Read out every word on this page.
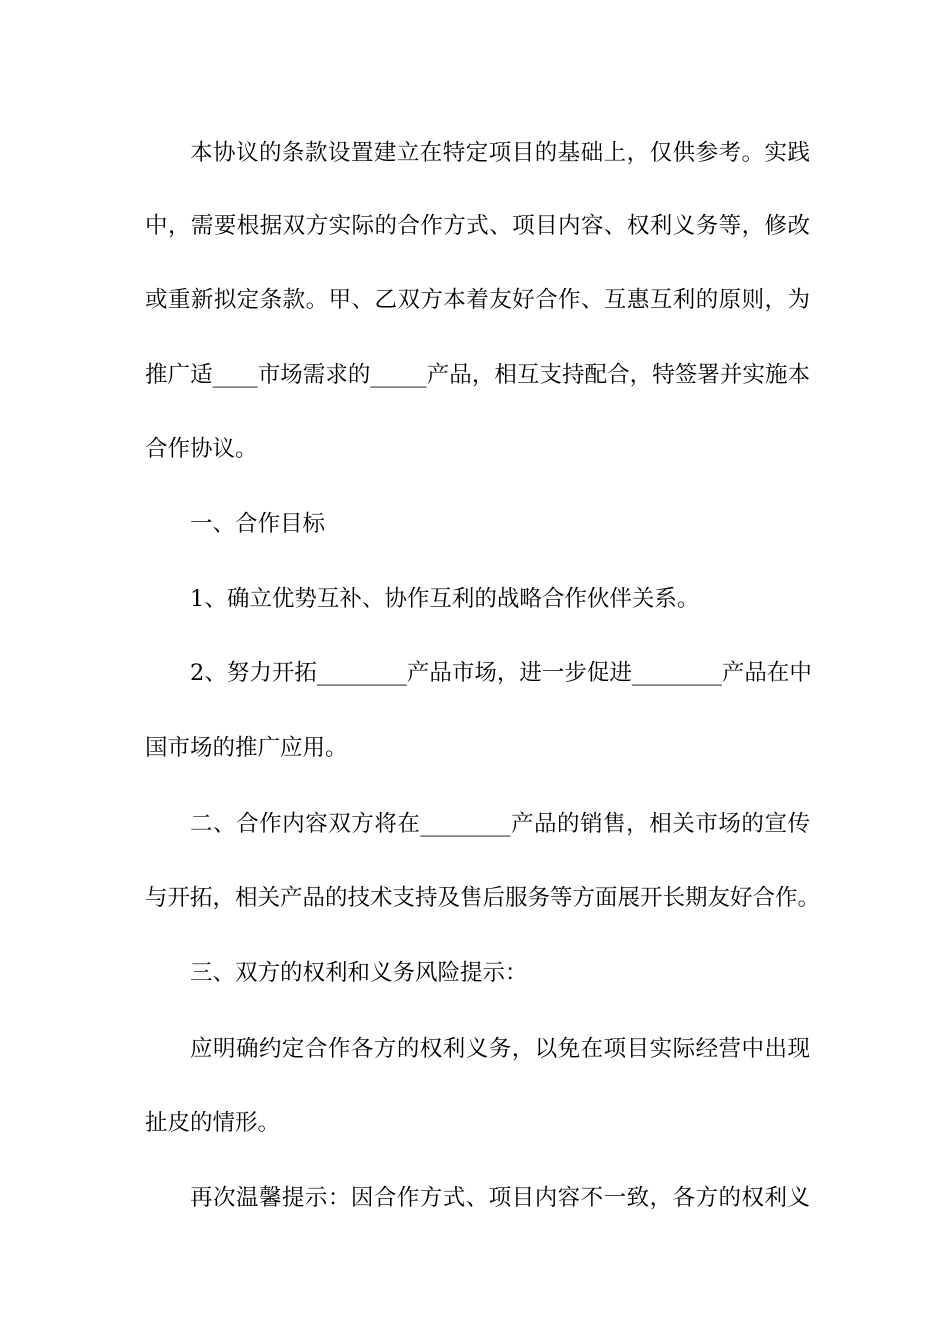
本协议的条款设置建立在特定项目的基础上，仅供参考。实践
中，需要根据双方实际的合作方式、项目内容、权利义务等，修改
或重新拟定条款。甲、乙双方本着友好合作、互惠互利的原则，为
推广适____市场需求的_____产品，相互支持配合，特签署并实施本
合作协议。
一、合作目标
1、确立优势互补、协作互利的战略合作伙伴关系。
2、努力开拓________产品市场，进一步促进________产品在中
国市场的推广应用。
二、合作内容双方将在________产品的销售，相关市场的宣传
与开拓，相关产品的技术支持及售后服务等方面展开长期友好合作。
三、双方的权利和义务风险提示：
应明确约定合作各方的权利义务，以免在项目实际经营中出现
扯皮的情形。
再次温馨提示：因合作方式、项目内容不一致，各方的权利义
